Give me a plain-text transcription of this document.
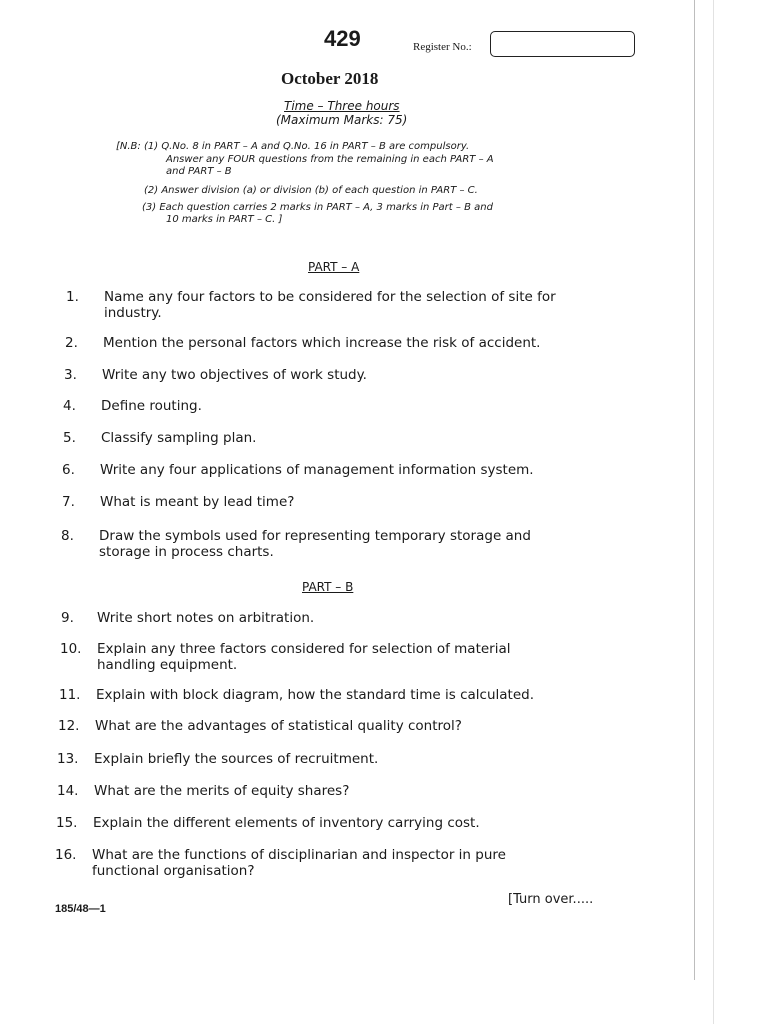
429	Register No.:
October 2018
Time – Three hours
(Maximum Marks: 75)
[N.B: (1) Q.No. 8 in PART – A and Q.No. 16 in PART – B are compulsory.
Answer any FOUR questions from the remaining in each PART – A
and PART – B
(2) Answer division (a) or division (b) of each question in PART – C.
(3) Each question carries 2 marks in PART – A, 3 marks in Part – B and
10 marks in PART – C. ]
PART – A
1. Name any four factors to be considered for the selection of site for
industry.
2. Mention the personal factors which increase the risk of accident.
3. Write any two objectives of work study.
4. Define routing.
5. Classify sampling plan.
6. Write any four applications of management information system.
7. What is meant by lead time?
8. Draw the symbols used for representing temporary storage and
storage in process charts.
PART – B
9. Write short notes on arbitration.
10. Explain any three factors considered for selection of material
handling equipment.
11. Explain with block diagram, how the standard time is calculated.
12. What are the advantages of statistical quality control?
13. Explain briefly the sources of recruitment.
14. What are the merits of equity shares?
15. Explain the different elements of inventory carrying cost.
16. What are the functions of disciplinarian and inspector in pure
functional organisation?
185/48—1
[Turn over.....
